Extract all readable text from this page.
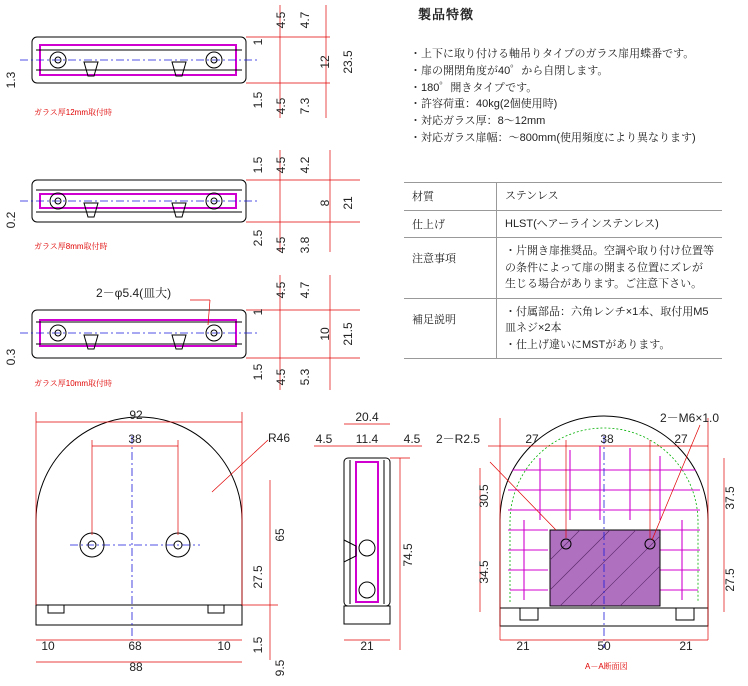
4.5 4.7
1
12 23.5
1.5 4.5 7.3
1.3
ガラス厚12mm取付時
1.5 4.5 4.2
8 21
2.5 4.5 3.8
0.2
ガラス厚8mm取付時
2－φ5.4(皿大)	4.5 4.7
1
10 21.5
1.5 4.5 5.3
0.3
ガラス厚10mm取付時
92
38	R46
65
27.5
68
10	10
88
1.5
9.5
20.4
4.5 11.4 4.5
74.5
21
2－R2.5	27	38	27
2－M6×1.0
30.5
34.5
37.5
27.5
21	50	21
A－A断面図
製品特徴
・上下に取り付ける軸吊りタイプのガラス扉用蝶番です。
・扉の開閉角度が40゜から自閉します。
・180゜開きタイプです。
・許容荷重：40kg(2個使用時)
・対応ガラス厚：8～12mm
・対応ガラス扉幅：～800mm(使用頻度により異なります)
材質	ステンレス
仕上げ	HLST(ヘアーラインステンレス)
注意事項	・片開き扉推奨品。空調や取り付け位置等
の条件によって扉の開まる位置にズレが
生じる場合があります。ご注意下さい。
補足説明	・付属部品：六角レンチ×1本、取付用M5
皿ネジ×2本
・仕上げ違いにMSTがあります。
